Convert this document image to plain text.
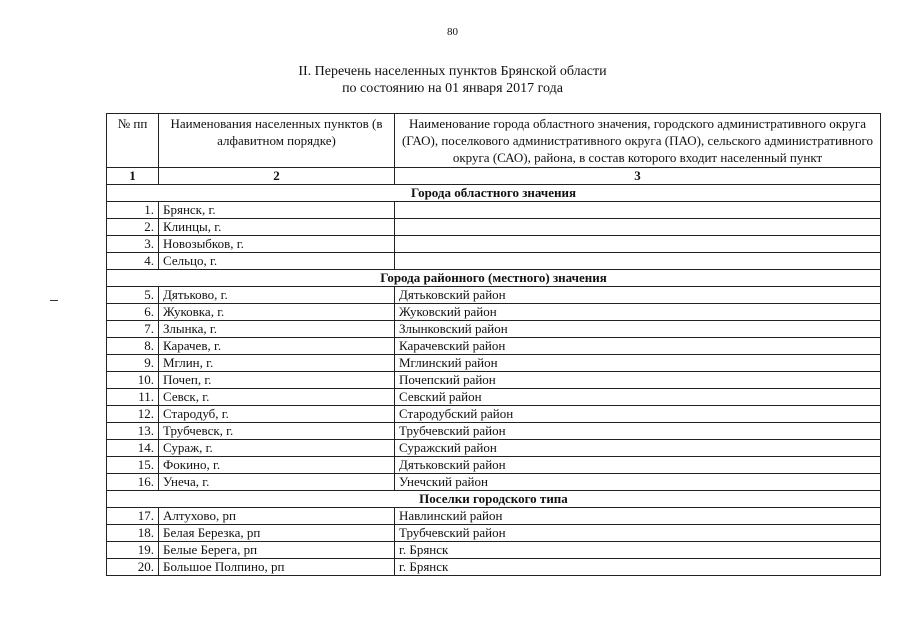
80
II. Перечень населенных пунктов Брянской области
по состоянию на 01 января 2017 года
№ пп	Наименования населенных пунктов (в алфавитном порядке)	Наименование города областного значения, городского административного округа (ГАО), поселкового административного округа (ПАО), сельского административного округа (САО), района, в состав которого входит населенный пункт
1	2	3
Города областного значения		
1.	Брянск, г.	
2.	Клинцы, г.	
3.	Новозыбков, г.	
4.	Сельцо, г.	
Города районного (местного) значения		
5.	Дятьково, г.	Дятьковский район
6.	Жуковка, г.	Жуковский район
7.	Злынка, г.	Злынковский район
8.	Карачев, г.	Карачевский район
9.	Мглин, г.	Мглинский район
10.	Почеп, г.	Почепский район
11.	Севск, г.	Севский район
12.	Стародуб, г.	Стародубский район
13.	Трубчевск, г.	Трубчевский район
14.	Сураж, г.	Суражский район
15.	Фокино, г.	Дятьковский район
16.	Унеча, г.	Унечский район
Поселки городского типа		
17.	Алтухово, рп	Навлинский район
18.	Белая Березка, рп	Трубчевский район
19.	Белые Берега, рп	г. Брянск
20.	Большое Полпино, рп	г. Брянск
